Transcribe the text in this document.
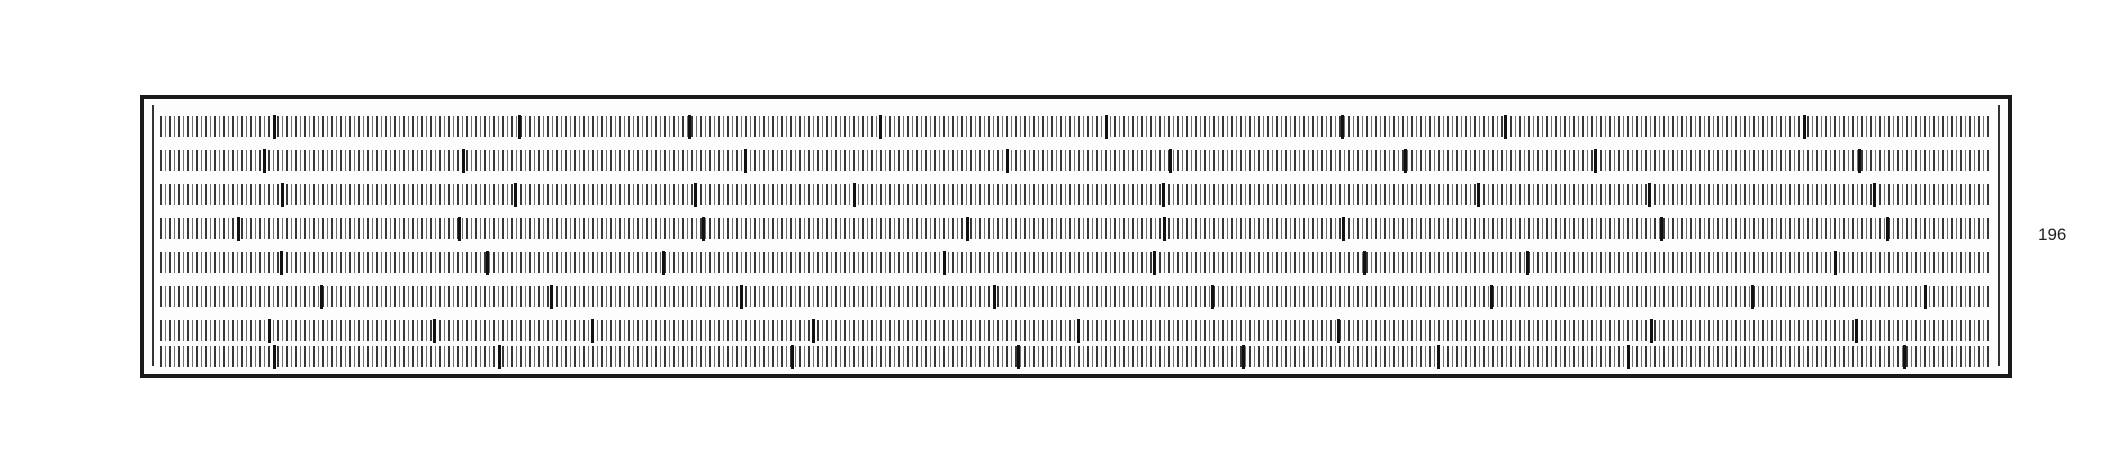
196
